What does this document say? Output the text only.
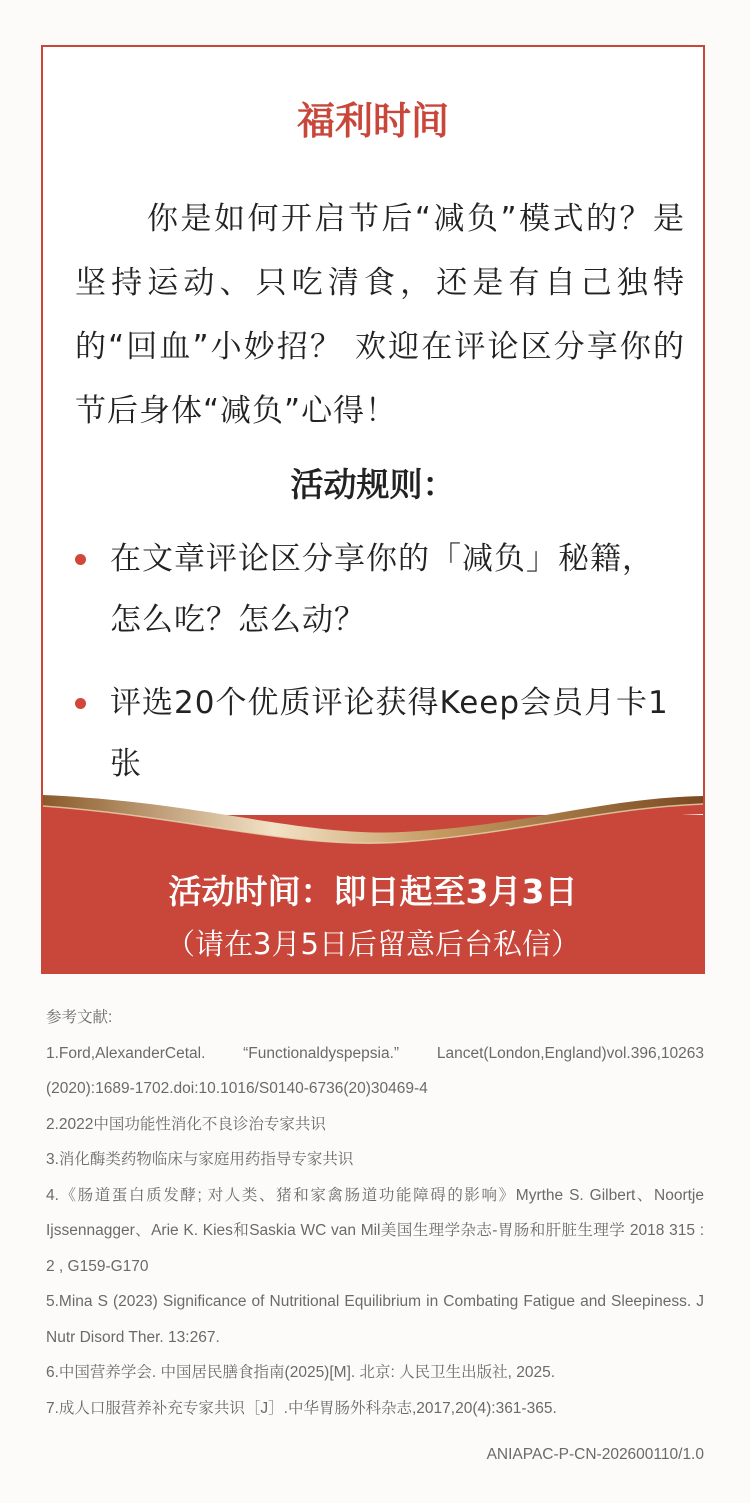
福利时间
你是如何开启节后“减负”模式的？是坚持运动、只吃清食，还是有自己独特的“回血”小妙招？ 欢迎在评论区分享你的节后身体“减负”心得！
活动规则：
在文章评论区分享你的「减负」秘籍，怎么吃？怎么动？
评选20个优质评论获得Keep会员月卡1张
活动时间：即日起至3月3日
（请在3月5日后留意后台私信）

参考文献:

1.Ford,AlexanderCetal. “Functionaldyspepsia.” Lancet(London,England)vol.396,10263 (2020):1689-1702.doi:10.1016/S0140-6736(20)30469-4

2.2022中国功能性消化不良诊治专家共识

3.消化酶类药物临床与家庭用药指导专家共识

4.《肠道蛋白质发酵; 对人类、猪和家禽肠道功能障碍的影响》Myrthe S. Gilbert、Noortje Ijssennagger、Arie K. Kies和Saskia WC van Mil美国生理学杂志-胃肠和肝脏生理学 2018 315 : 2 , G159-G170

5.Mina S (2023) Significance of Nutritional Equilibrium in Combating Fatigue and Sleepiness. J Nutr Disord Ther. 13:267.

6.中国营养学会. 中国居民膳食指南(2025)[M]. 北京: 人民卫生出版社, 2025.

7.成人口服营养补充专家共识［J］.中华胃肠外科杂志,2017,20(4):361-365.

ANIAPAC-P-CN-202600110/1.0
